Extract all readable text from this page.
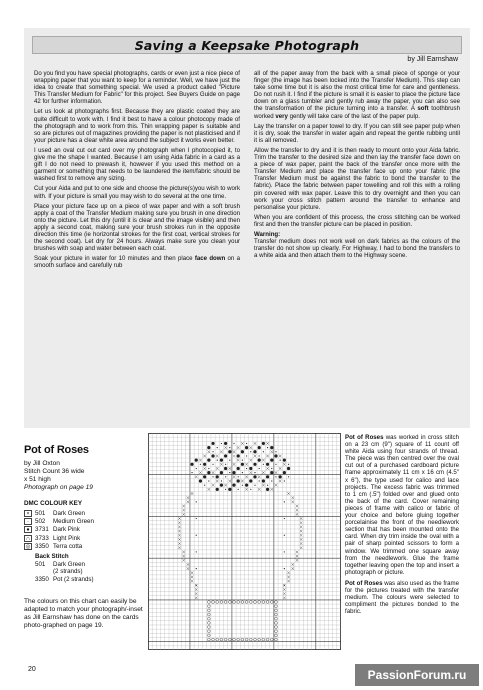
Saving a Keepsake Photograph
by Jill Earnshaw

Do you find you have special photographs, cards or even just a nice piece of wrapping paper that you want to keep for a reminder. Well, we have just the idea to create that something special. We used a product called "Picture This Transfer Medium for Fabric" for this project. See Buyers Guide on page 42 for further information.

Let us look at photographs first. Because they are plastic coated they are quite difficult to work with. I find it best to have a colour photocopy made of the photograph and to work from this. Thin wrapping paper is suitable and so are pictures out of magazines providing the paper is not plasticised and if your picture has a clear white area around the subject it works even better.

I used an oval cut out card over my photograph when I photocopied it, to give me the shape I wanted. Because I am using Aida fabric in a card as a gift I do not need to prewash it, however if you used this method on a garment or something that needs to be laundered the item/fabric should be washed first to remove any sizing.

Cut your Aida and put to one side and choose the picture(s)you wish to work with. If your picture is small you may wish to do several at the one time.

Place your picture face up on a piece of wax paper and with a soft brush apply a coat of the Transfer Medium making sure you brush in one direction onto the picture. Let this dry (until it is clear and the image visible) and then apply a second coat, making sure your brush strokes run in the opposite direction this time (ie horizontal strokes for the first coat, vertical strokes for the second coat). Let dry for 24 hours. Always make sure you clean your brushes with soap and water between each coat.

Soak your picture in water for 10 minutes and then place face down on a smooth surface and carefully rub

all of the paper away from the back with a small piece of sponge or your finger (the image has been locked into the Transfer Medium). This step can take some time but it is also the most critical time for care and gentleness. Do not rush it. I find if the picture is small it is easier to place the picture face down on a glass tumbler and gently rub away the paper, you can also see the transformation of the picture turning into a transfer. A soft toothbrush worked very gently will take care of the last of the paper pulp.

Lay the transfer on a paper towel to dry. If you can still see paper pulp when it is dry, soak the transfer in water again and repeat the gentle rubbing until it is all removed.

Allow the transfer to dry and it is then ready to mount onto your Aida fabric. Trim the transfer to the desired size and then lay the transfer face down on a piece of wax paper, paint the back of the transfer once more with the Transfer Medium and place the transfer face up onto your fabric (the Transfer Medium must be against the fabric to bond the transfer to the fabric). Place the fabric between paper towelling and roll this with a rolling pin covered with wax paper. Leave this to dry overnight and then you can work your cross stitch pattern around the transfer to enhance and personalise your picture.

When you are confident of this process, the cross stitching can be worked first and then the transfer picture can be placed in position.

Warning:

Transfer medium does not work well on dark fabrics as the colours of the transfer do not show up clearly. For Highway, I had to bond the transfers to a white aida and then attach them to the Highway scene.

Pot of Roses
by Jill Oxton
Stitch Count 36 wide
x 51 high
Photograph on page 19
DMC COLOUR KEY
× 501	Dark Green
· 502	Medium Green
● 3731 Dark Pink
∩ 3733 Light Pink
◎ 3350 Terra cotta
Back Stitch
501	Dark Green
(2 strands)
3350 Pot (2 strands)
The colours on this chart can easily be adapted to match your photograph/-inset as Jill Earnshaw has done on the cards photo-graphed on page 19.

Pot of Roses was worked in cross stitch on a 23 cm (9") square of 11 count off white Aida using four strands of thread. The piece was then centred over the oval cut out of a purchased cardboard picture frame approximately 11 cm x 16 cm (4.5" x 6"), the type used for calico and lace projects. The excess fabric was trimmed to 1 cm (.5") folded over and glued onto the back of the card. Cover remaining pieces of frame with calico or fabric of your choice and before gluing together porcelainise the front of the needlework section that has been mounted onto the card. When dry trim inside the oval with a pair of sharp pointed scissors to form a window. We trimmed one square away from the needlework. Glue the frame together leaving open the top and insert a photograph or picture.

Pot of Roses was also used as the frame for the pictures treated with the transfer medium. The colours were selected to compliment the pictures bonded to the fabric.

20	PassionForum.ru
